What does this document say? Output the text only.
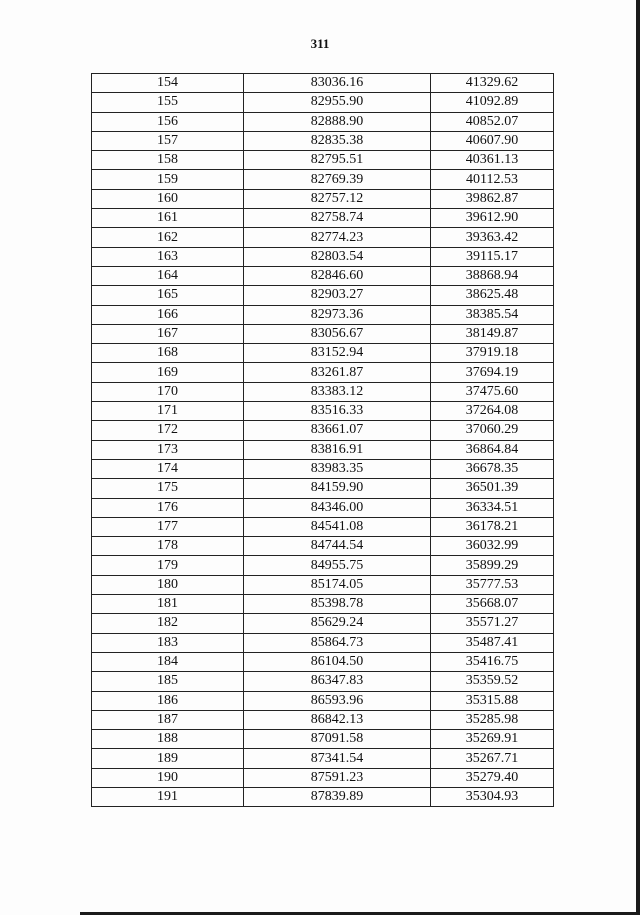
311
154	83036.16	41329.62
155	82955.90	41092.89
156	82888.90	40852.07
157	82835.38	40607.90
158	82795.51	40361.13
159	82769.39	40112.53
160	82757.12	39862.87
161	82758.74	39612.90
162	82774.23	39363.42
163	82803.54	39115.17
164	82846.60	38868.94
165	82903.27	38625.48
166	82973.36	38385.54
167	83056.67	38149.87
168	83152.94	37919.18
169	83261.87	37694.19
170	83383.12	37475.60
171	83516.33	37264.08
172	83661.07	37060.29
173	83816.91	36864.84
174	83983.35	36678.35
175	84159.90	36501.39
176	84346.00	36334.51
177	84541.08	36178.21
178	84744.54	36032.99
179	84955.75	35899.29
180	85174.05	35777.53
181	85398.78	35668.07
182	85629.24	35571.27
183	85864.73	35487.41
184	86104.50	35416.75
185	86347.83	35359.52
186	86593.96	35315.88
187	86842.13	35285.98
188	87091.58	35269.91
189	87341.54	35267.71
190	87591.23	35279.40
191	87839.89	35304.93
